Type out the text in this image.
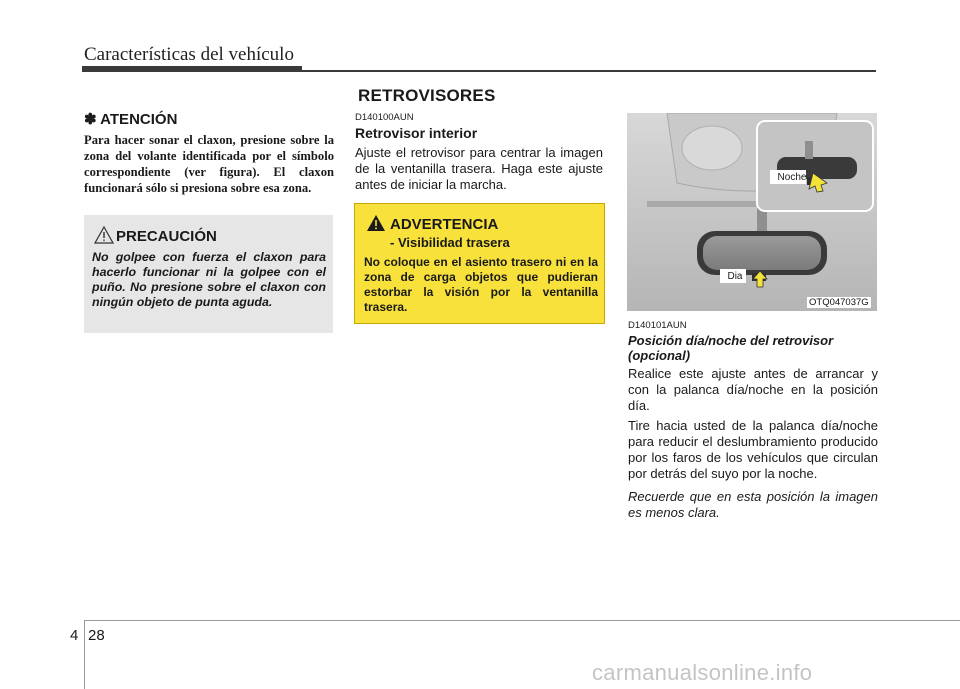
Características del vehículo
RETROVISORES
✽ ATENCIÓN
Para hacer sonar el claxon, presione sobre la zona del volante identificada por el símbolo correspondiente (ver figura). El claxon funcionará sólo si presiona sobre esa zona.
PRECAUCIÓN
No golpee con fuerza el claxon para hacerlo funcionar ni la golpee con el puño. No presione sobre el claxon con ningún objeto de punta aguda.
D140100AUN
Retrovisor interior
Ajuste el retrovisor para centrar la imagen de la ventanilla trasera. Haga este ajuste antes de iniciar la marcha.
ADVERTENCIA
- Visibilidad trasera
No coloque en el asiento trasero ni en la zona de carga objetos que pudieran estorbar la visión por la ventanilla trasera.
Noche
Dia
OTQ047037G
D140101AUN
Posición día/noche del retrovisor (opcional)

Realice este ajuste antes de arrancar y con la palanca día/noche en la posición día.

Tire hacia usted de la palanca día/noche para reducir el deslumbramiento producido por los faros de los vehículos que circulan por detrás del suyo por la noche.

Recuerde que en esta posición la imagen es menos clara.
4 28
carmanualsonline.info
